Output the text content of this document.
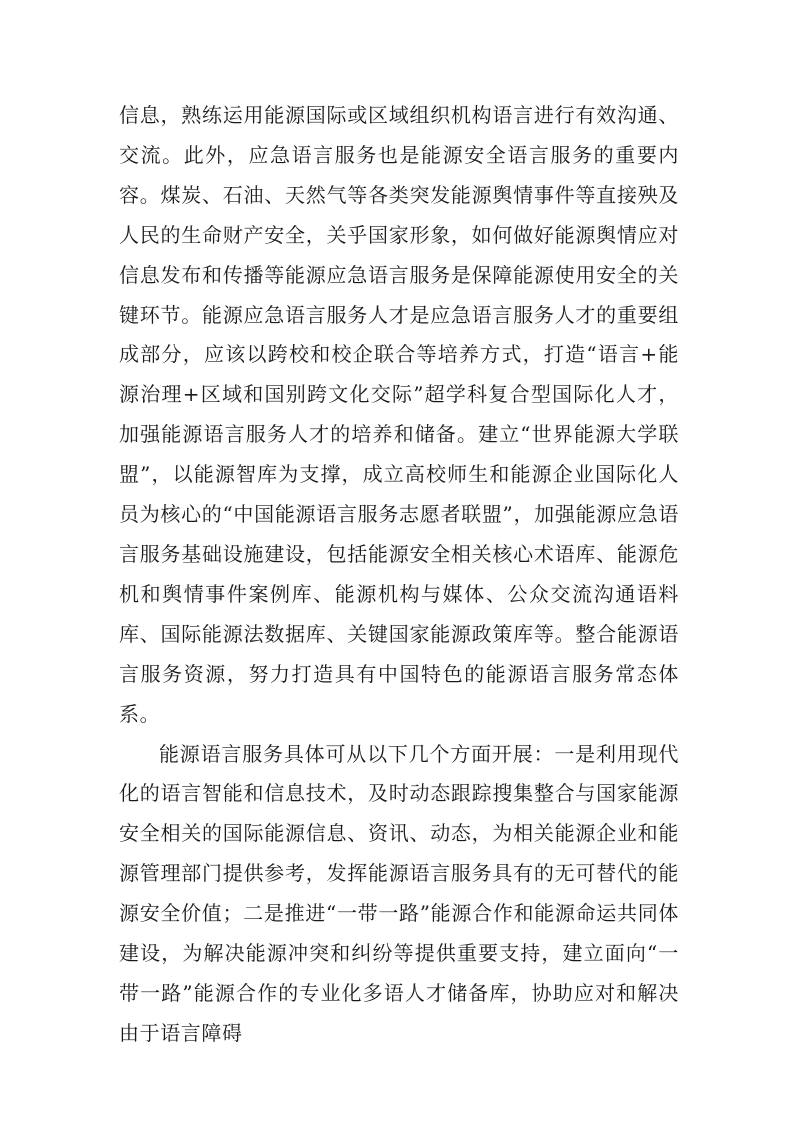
信息，熟练运用能源国际或区域组织机构语言进行有效沟通、交流。此外，应急语言服务也是能源安全语言服务的重要内容。煤炭、石油、天然气等各类突发能源舆情事件等直接殃及人民的生命财产安全，关乎国家形象，如何做好能源舆情应对信息发布和传播等能源应急语言服务是保障能源使用安全的关键环节。能源应急语言服务人才是应急语言服务人才的重要组成部分，应该以跨校和校企联合等培养方式，打造“语言+能源治理+区域和国别跨文化交际”超学科复合型国际化人才，加强能源语言服务人才的培养和储备。建立“世界能源大学联盟”，以能源智库为支撑，成立高校师生和能源企业国际化人员为核心的“中国能源语言服务志愿者联盟”，加强能源应急语言服务基础设施建设，包括能源安全相关核心术语库、能源危机和舆情事件案例库、能源机构与媒体、公众交流沟通语料库、国际能源法数据库、关键国家能源政策库等。整合能源语言服务资源，努力打造具有中国特色的能源语言服务常态体系。

能源语言服务具体可从以下几个方面开展：一是利用现代化的语言智能和信息技术，及时动态跟踪搜集整合与国家能源安全相关的国际能源信息、资讯、动态，为相关能源企业和能源管理部门提供参考，发挥能源语言服务具有的无可替代的能源安全价值；二是推进“一带一路”能源合作和能源命运共同体建设，为解决能源冲突和纠纷等提供重要支持，建立面向“一带一路”能源合作的专业化多语人才储备库，协助应对和解决由于语言障碍
